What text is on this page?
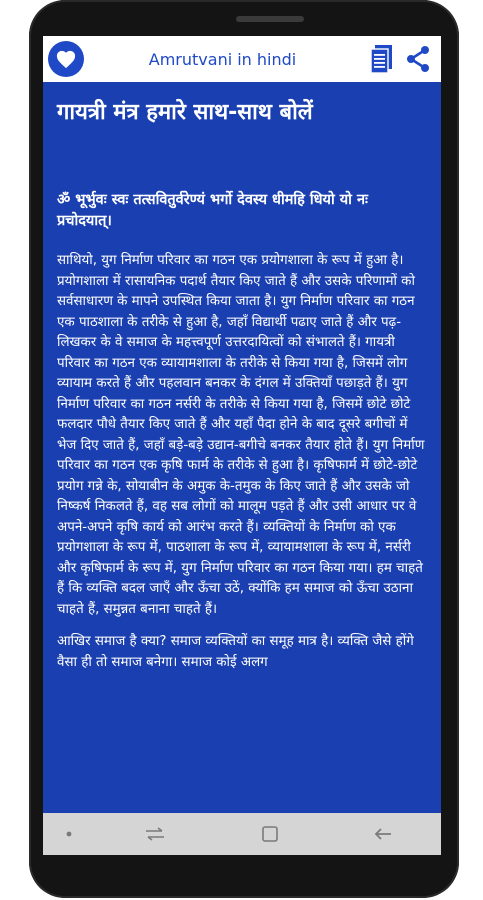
Amrutvani in hindi
गायत्री मंत्र हमारे साथ-साथ बोलें

ॐ भूर्भुवः स्वः तत्सवितुर्वरेण्यं भर्गो देवस्य धीमहि धियो यो नः प्रचोदयात्।

साथियो, युग निर्माण परिवार का गठन एक प्रयोगशाला के रूप में हुआ है। प्रयोगशाला में रासायनिक पदार्थ तैयार किए जाते हैं और उसके परिणामों को सर्वसाधारण के मापने उपस्थित किया जाता है। युग निर्माण परिवार का गठन एक पाठशाला के तरीके से हुआ है, जहाँ विद्यार्थी पढाए जाते हैं और पढ़-लिखकर के वे समाज के महत्त्वपूर्ण उत्तरदायित्वों को संभालते हैं। गायत्री परिवार का गठन एक व्यायामशाला के तरीके से किया गया है, जिसमें लोग व्यायाम करते हैं और पहलवान बनकर के दंगल में उक्तियाँ पछाड़ते हैं। युग निर्माण परिवार का गठन नर्सरी के तरीके से किया गया है, जिसमें छोटे छोटे फलदार पौधे तैयार किए जाते हैं और यहाँ पैदा होने के बाद दूसरे बगीचों में भेज दिए जाते हैं, जहाँ बड़े-बड़े उद्यान-बगीचे बनकर तैयार होते हैं। युग निर्माण परिवार का गठन एक कृषि फार्म के तरीके से हुआ है। कृषिफार्म में छोटे-छोटे प्रयोग गन्ने के, सोयाबीन के अमुक के-तमुक के किए जाते हैं और उसके जो निष्कर्ष निकलते हैं, वह सब लोगों को मालूम पड़ते हैं और उसी आधार पर वे अपने-अपने कृषि कार्य को आरंभ करते हैं। व्यक्तियों के निर्माण को एक प्रयोगशाला के रूप में, पाठशाला के रूप में, व्यायामशाला के रूप में, नर्सरी और कृषिफार्म के रूप में, युग निर्माण परिवार का गठन किया गया। हम चाहते हैं कि व्यक्ति बदल जाएँ और ऊँचा उठें, क्योंकि हम समाज को ऊँचा उठाना चाहते हैं, समुन्नत बनाना चाहते हैं।

आखिर समाज है क्या? समाज व्यक्तियों का समूह मात्र है। व्यक्ति जैसे होंगे वैसा ही तो समाज बनेगा। समाज कोई अलग
